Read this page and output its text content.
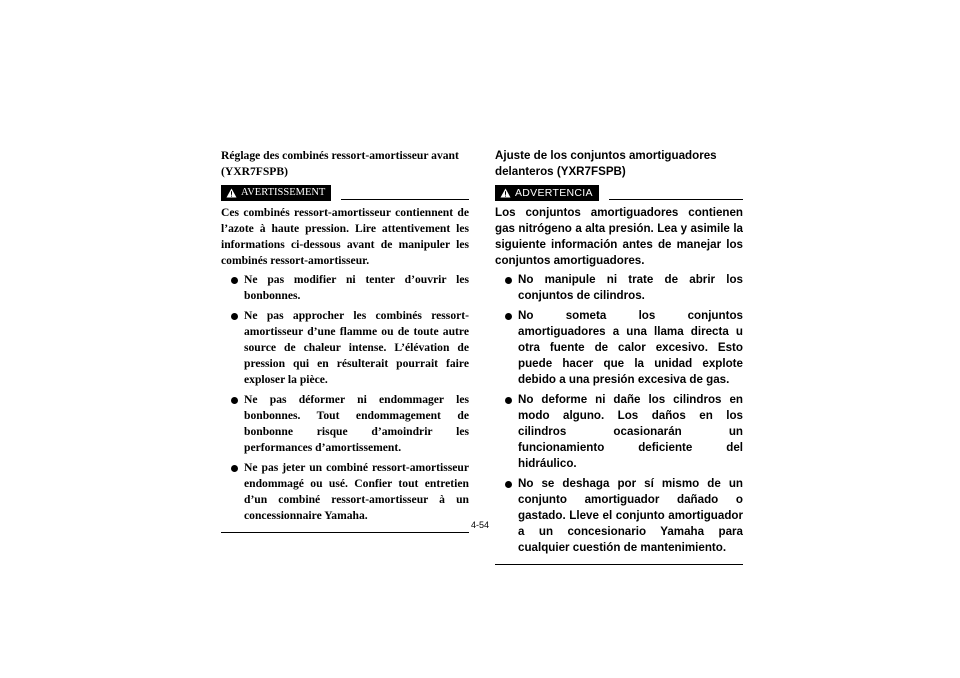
Réglage des combinés ressort-amortisseur avant
(YXR7FSPB)

AVERTISSEMENT

Ces combinés ressort-amortisseur contiennent de l’azote à haute pression. Lire attentivement les informations ci-dessous avant de manipuler les combinés ressort-amortisseur.

Ne pas modifier ni tenter d’ouvrir les bonbonnes.
Ne pas approcher les combinés ressort-amortisseur d’une flamme ou de toute autre source de chaleur intense. L’élévation de pression qui en résulterait pourrait faire exploser la pièce.
Ne pas déformer ni endommager les bonbonnes. Tout endommagement de bonbonne risque d’amoindrir les performances d’amortissement.
Ne pas jeter un combiné ressort-amortisseur endommagé ou usé. Confier tout entretien d’un combiné ressort-amortisseur à un concessionnaire Yamaha.

Ajuste de los conjuntos amortiguadores delanteros (YXR7FSPB)

ADVERTENCIA

Los conjuntos amortiguadores contienen gas nitrógeno a alta presión. Lea y asimile la siguiente información antes de manejar los conjuntos amortiguadores.

No manipule ni trate de abrir los conjuntos de cilindros.
No someta los conjuntos amortiguadores a una llama directa u otra fuente de calor excesivo. Esto puede hacer que la unidad explote debido a una presión excesiva de gas.
No deforme ni dañe los cilindros en modo alguno. Los daños en los cilindros ocasionarán un funcionamiento deficiente del hidráulico.
No se deshaga por sí mismo de un conjunto amortiguador dañado o gastado. Lleve el conjunto amortiguador a un concesionario Yamaha para cualquier cuestión de mantenimiento.
4-54
